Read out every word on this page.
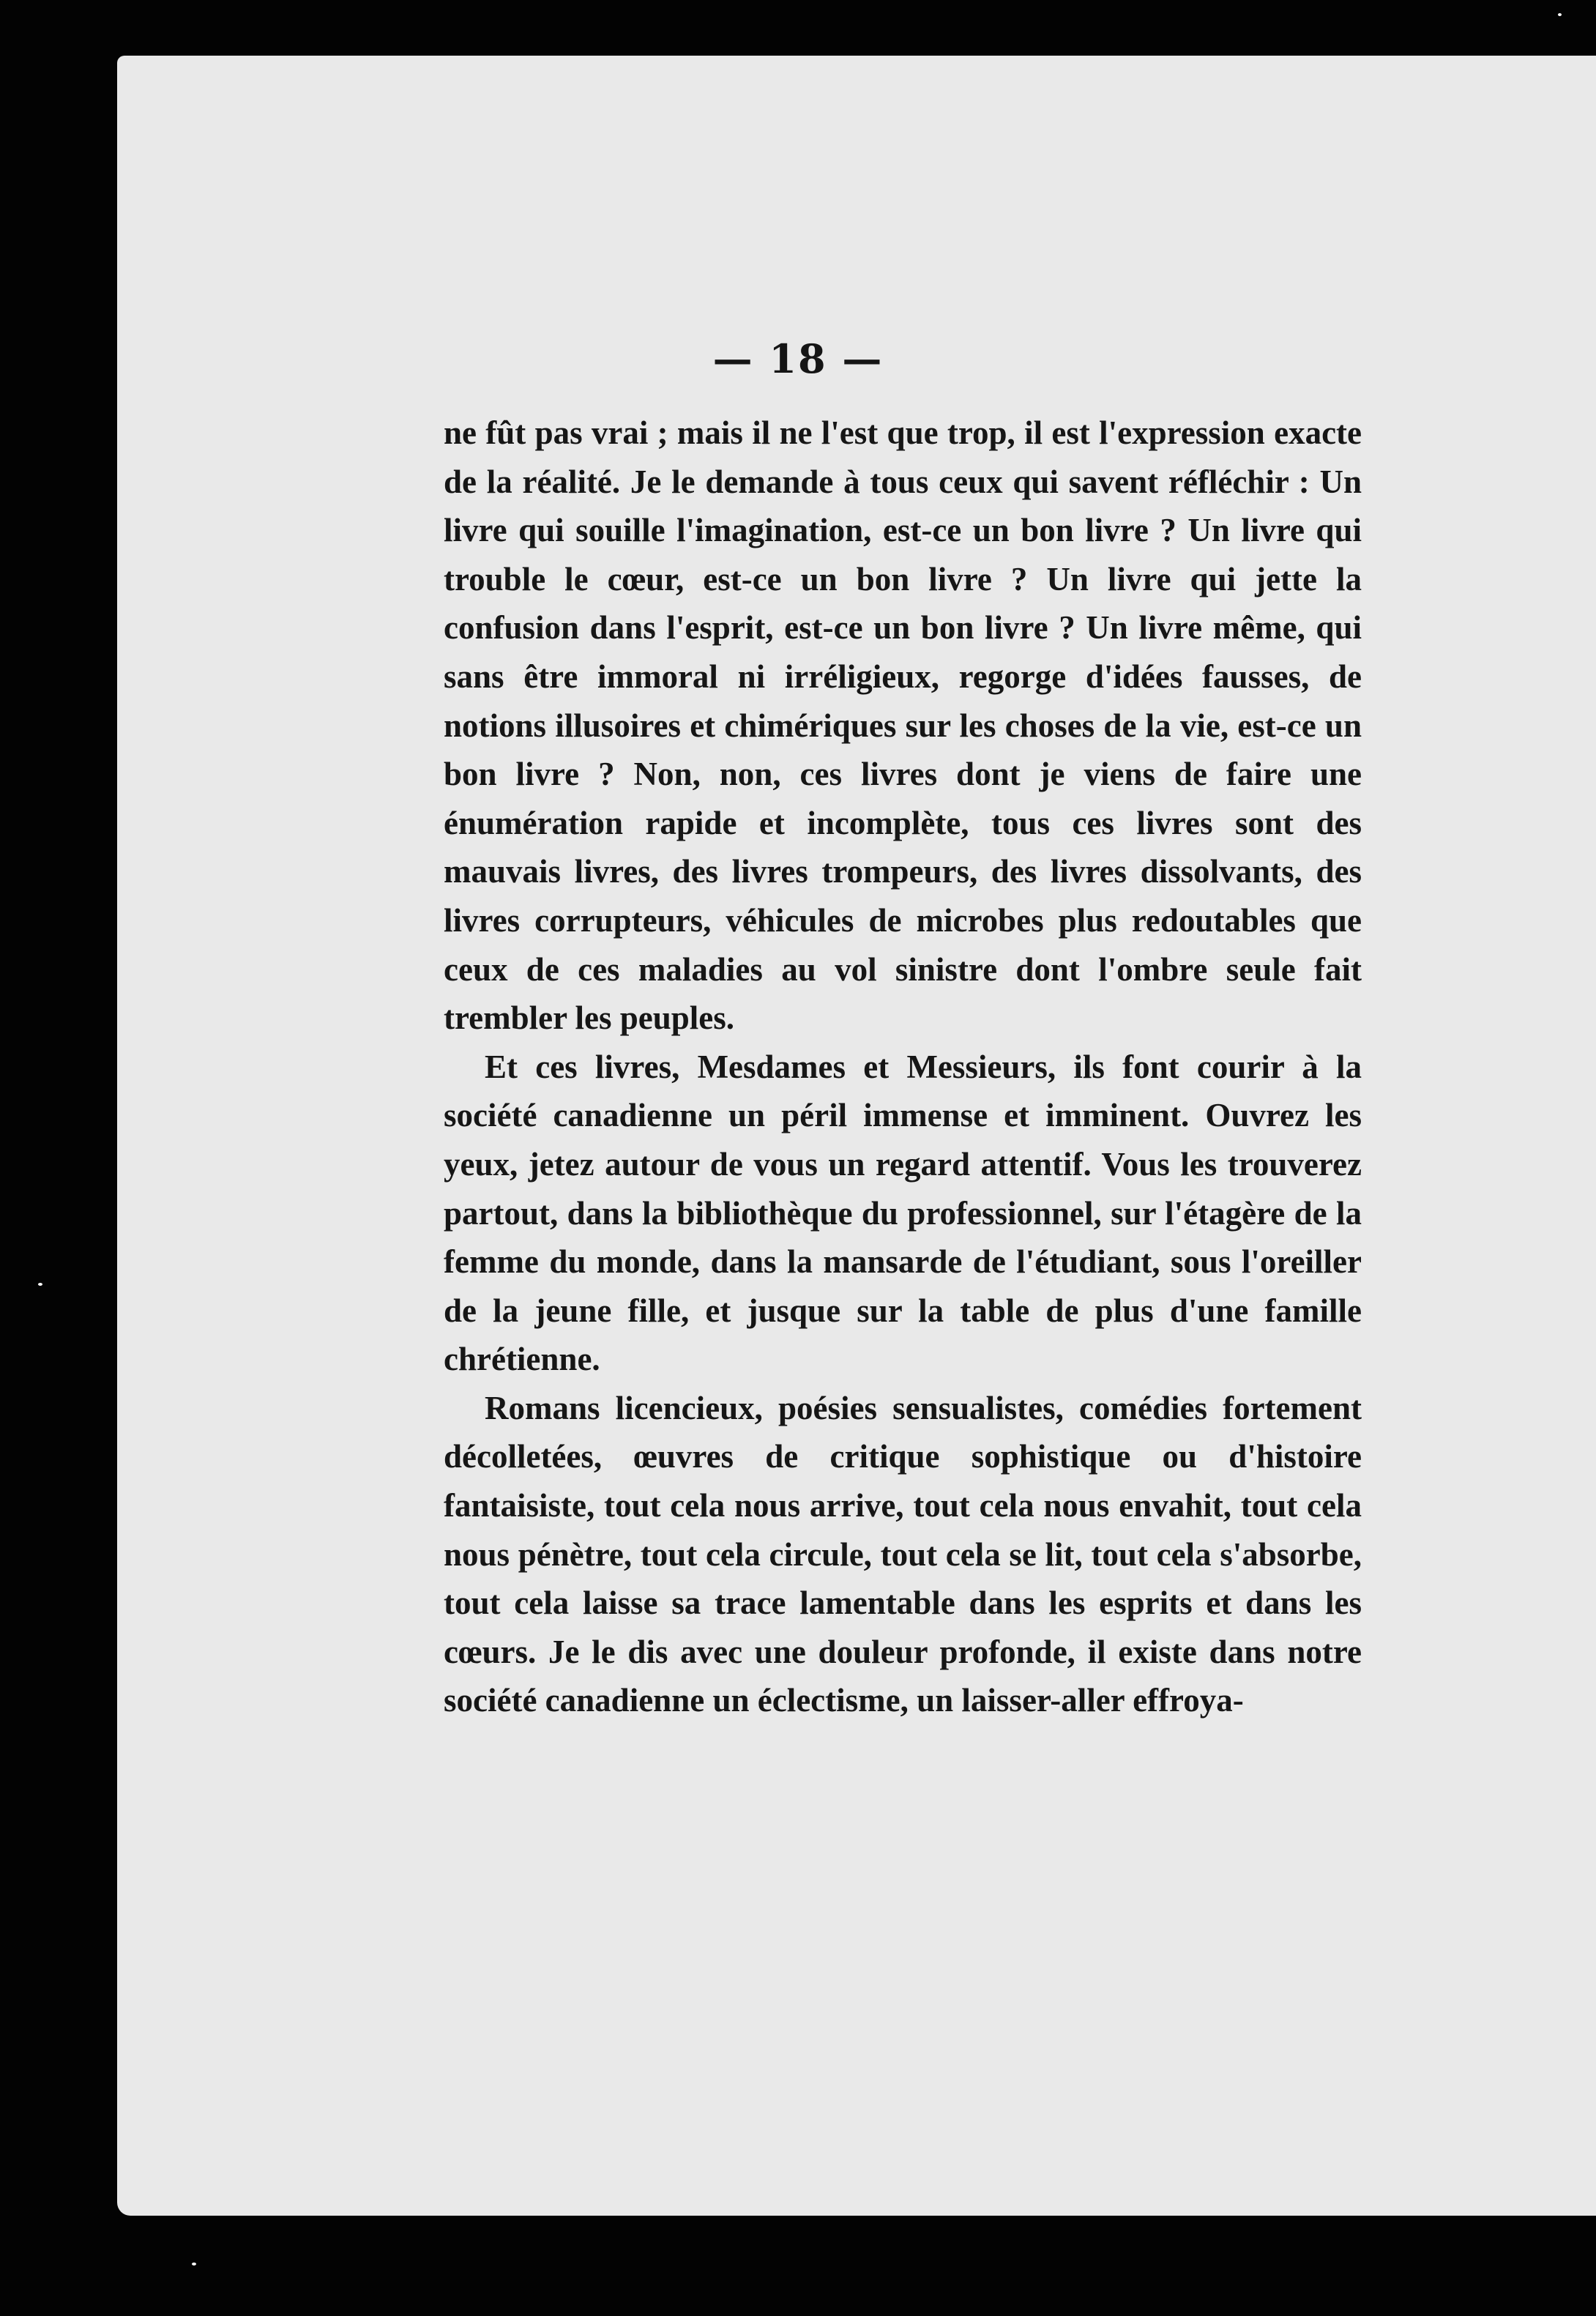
— 18 —

ne fût pas vrai ; mais il ne l'est que trop, il est l'expression exacte de la réalité. Je le demande à tous ceux qui savent réfléchir : Un livre qui souille l'imagination, est-ce un bon livre ? Un livre qui trouble le cœur, est-ce un bon livre ? Un livre qui jette la confusion dans l'esprit, est-ce un bon livre ? Un livre même, qui sans être immoral ni irréligieux, regorge d'idées fausses, de notions illusoires et chimériques sur les choses de la vie, est-ce un bon livre ? Non, non, ces livres dont je viens de faire une énumération rapide et incomplète, tous ces livres sont des mauvais livres, des livres trompeurs, des livres dissolvants, des livres corrupteurs, véhicules de microbes plus redoutables que ceux de ces maladies au vol sinistre dont l'ombre seule fait trembler les peuples.

Et ces livres, Mesdames et Messieurs, ils font courir à la société canadienne un péril immense et imminent. Ouvrez les yeux, jetez autour de vous un regard attentif. Vous les trouverez partout, dans la bibliothèque du professionnel, sur l'étagère de la femme du monde, dans la mansarde de l'étudiant, sous l'oreiller de la jeune fille, et jusque sur la table de plus d'une famille chrétienne.

Romans licencieux, poésies sensualistes, comédies fortement décolletées, œuvres de critique sophistique ou d'histoire fantaisiste, tout cela nous arrive, tout cela nous envahit, tout cela nous pénètre, tout cela circule, tout cela se lit, tout cela s'absorbe, tout cela laisse sa trace lamentable dans les esprits et dans les cœurs. Je le dis avec une douleur profonde, il existe dans notre société canadienne un éclectisme, un laisser-aller effroya-
